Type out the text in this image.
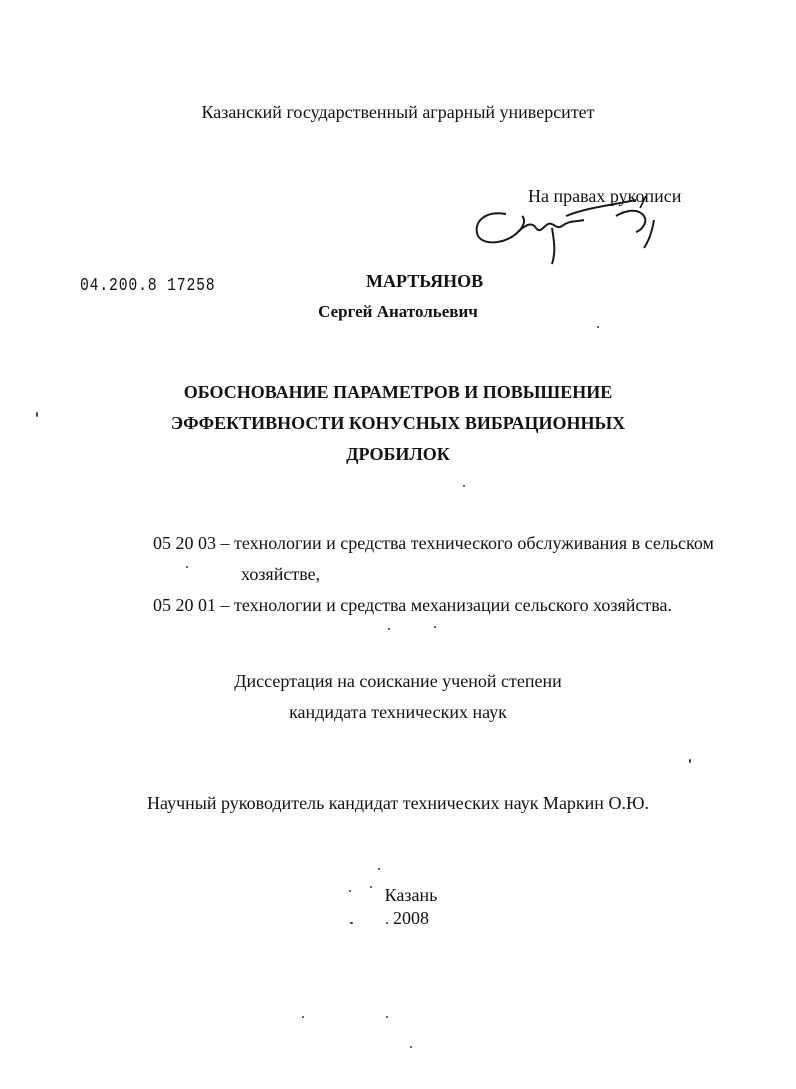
Казанский государственный аграрный университет
На правах рукописи
04.200.8 17258	МАРТЬЯНОВ
Сергей Анатольевич
ОБОСНОВАНИЕ ПАРАМЕТРОВ И ПОВЫШЕНИЕ
ЭФФЕКТИВНОСТИ КОНУСНЫХ ВИБРАЦИОННЫХ
ДРОБИЛОК
05 20 03 – технологии и средства технического обслуживания в сельском
хозяйстве,
05 20 01 – технологии и средства механизации сельского хозяйства.
Диссертация на соискание ученой степени
кандидата технических наук
Научный руководитель кандидат технических наук Маркин О.Ю.
Казань
2008
